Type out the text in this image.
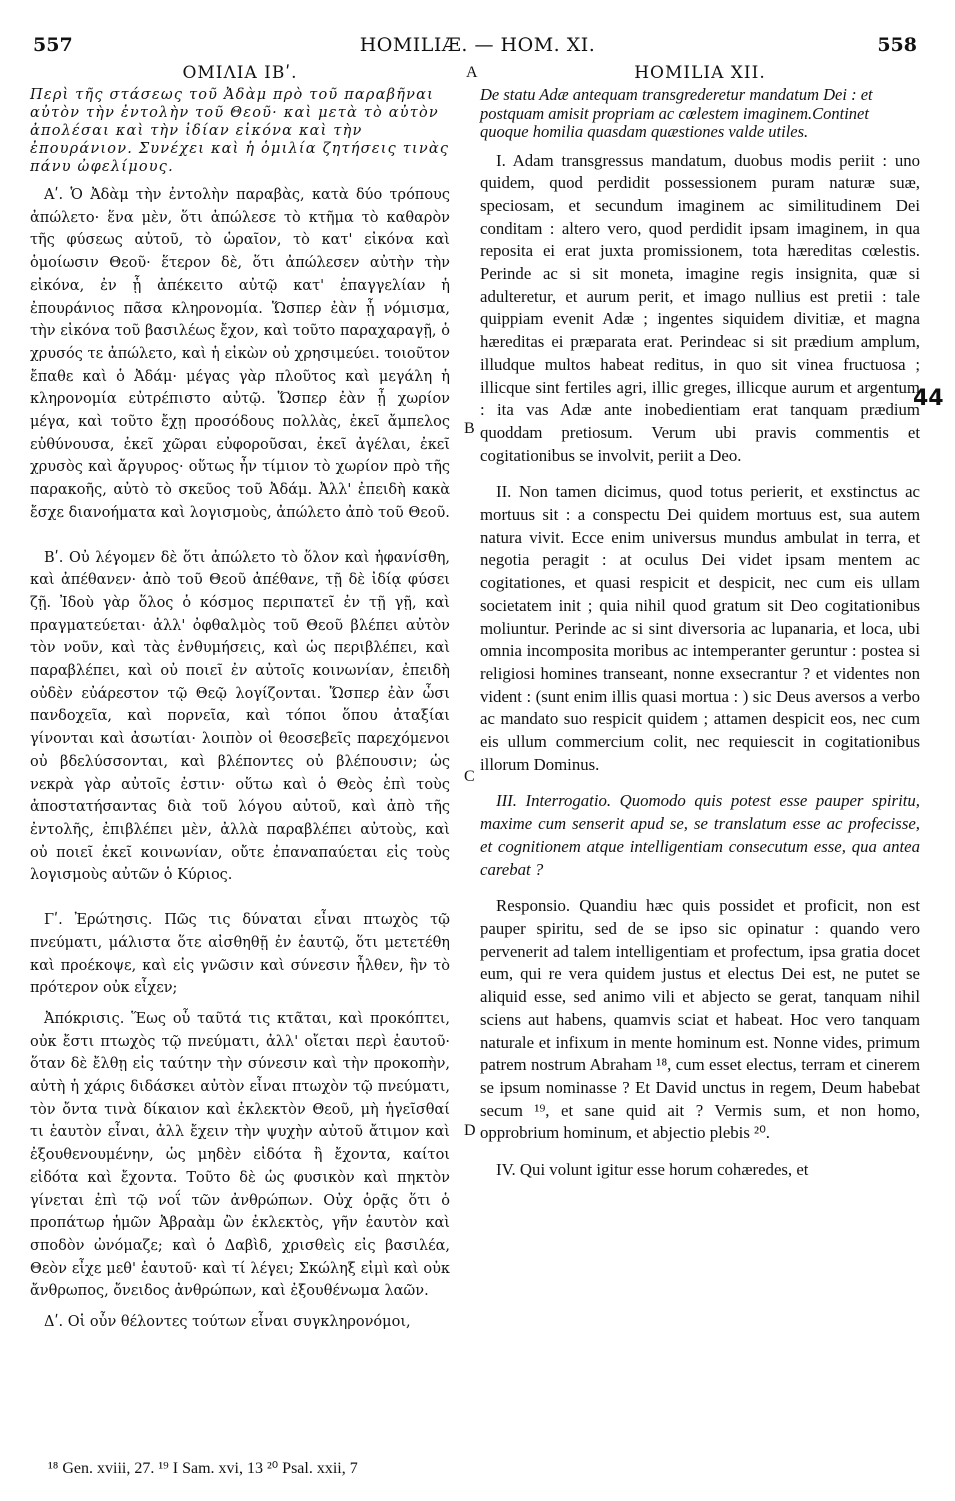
557	HOMILIÆ. — HOM. XI.	558
ΟΜΙΛΙΑ ΙΒʹ.
Περὶ τῆς στάσεως τοῦ Ἀδὰμ πρὸ τοῦ παραβῆναι αὐτὸν τὴν ἐντολὴν τοῦ Θεοῦ· καὶ μετὰ τὸ αὐτὸν ἀπολέσαι καὶ τὴν ἰδίαν εἰκόνα καὶ τὴν ἐπουράνιον. Συνέχει καὶ ἡ ὁμιλία ζητήσεις τινὰς πάνυ ὠφελίμους.

Αʹ. Ὁ Ἀδὰμ τὴν ἐντολὴν παραβὰς, κατὰ δύο τρόπους ἀπώλετο· ἕνα μὲν, ὅτι ἀπώλεσε τὸ κτῆμα τὸ καθαρὸν τῆς φύσεως αὐτοῦ, τὸ ὡραῖον, τὸ κατ' εἰκόνα καὶ ὁμοίωσιν Θεοῦ· ἕτερον δὲ, ὅτι ἀπώλεσεν αὐτὴν τὴν εἰκόνα, ἐν ᾗ ἀπέκειτο αὐτῷ κατ' ἐπαγγελίαν ἡ ἐπουράνιος πᾶσα κληρονομία. Ὥσπερ ἐὰν ᾖ νόμισμα, τὴν εἰκόνα τοῦ βασιλέως ἔχον, καὶ τοῦτο παραχαραγῇ, ὁ χρυσός τε ἀπώλετο, καὶ ἡ εἰκὼν οὐ χρησιμεύει. τοιοῦτον ἔπαθε καὶ ὁ Ἀδάμ· μέγας γὰρ πλοῦτος καὶ μεγάλη ἡ κληρονομία εὐτρέπιστο αὐτῷ. Ὥσπερ ἐὰν ᾖ χωρίον μέγα, καὶ τοῦτο ἔχῃ προσόδους πολλὰς, ἐκεῖ ἄμπελος εὐθύνουσα, ἐκεῖ χῶραι εὐφοροῦσαι, ἐκεῖ ἀγέλαι, ἐκεῖ χρυσὸς καὶ ἄργυρος· οὕτως ἦν τίμιον τὸ χωρίον πρὸ τῆς παρακοῆς, αὐτὸ τὸ σκεῦος τοῦ Ἀδάμ. Ἀλλ' ἐπειδὴ κακὰ ἔσχε διανοήματα καὶ λογισμοὺς, ἀπώλετο ἀπὸ τοῦ Θεοῦ.

Βʹ. Οὐ λέγομεν δὲ ὅτι ἀπώλετο τὸ ὅλον καὶ ἠφανίσθη, καὶ ἀπέθανεν· ἀπὸ τοῦ Θεοῦ ἀπέθανε, τῇ δὲ ἰδίᾳ φύσει ζῇ. Ἰδοὺ γὰρ ὅλος ὁ κόσμος περιπατεῖ ἐν τῇ γῇ, καὶ πραγματεύεται· ἀλλ' ὀφθαλμὸς τοῦ Θεοῦ βλέπει αὐτὸν τὸν νοῦν, καὶ τὰς ἐνθυμήσεις, καὶ ὡς περιβλέπει, καὶ παραβλέπει, καὶ οὐ ποιεῖ ἐν αὐτοῖς κοινωνίαν, ἐπειδὴ οὐδὲν εὐάρεστον τῷ Θεῷ λογίζονται. Ὥσπερ ἐὰν ὦσι πανδοχεῖα, καὶ πορνεῖα, καὶ τόποι ὅπου ἀταξίαι γίνονται καὶ ἀσωτίαι· λοιπὸν οἱ θεοσεβεῖς παρεχόμενοι οὐ βδελύσσονται, καὶ βλέποντες οὐ βλέπουσιν; ὡς νεκρὰ γὰρ αὐτοῖς ἐστιν· οὕτω καὶ ὁ Θεὸς ἐπὶ τοὺς ἀποστατήσαντας διὰ τοῦ λόγου αὐτοῦ, καὶ ἀπὸ τῆς ἐντολῆς, ἐπιβλέπει μὲν, ἀλλὰ παραβλέπει αὐτοὺς, καὶ οὐ ποιεῖ ἐκεῖ κοινωνίαν, οὔτε ἐπαναπαύεται εἰς τοὺς λογισμοὺς αὐτῶν ὁ Κύριος.

Γʹ. Ἐρώτησις. Πῶς τις δύναται εἶναι πτωχὸς τῷ πνεύματι, μάλιστα ὅτε αἰσθηθῇ ἐν ἑαυτῷ, ὅτι μετετέθη καὶ προέκοψε, καὶ εἰς γνῶσιν καὶ σύνεσιν ἦλθεν, ἣν τὸ πρότερον οὐκ εἶχεν;

Ἀπόκρισις. Ἕως οὗ ταῦτά τις κτᾶται, καὶ προκόπτει, οὐκ ἔστι πτωχὸς τῷ πνεύματι, ἀλλ' οἴεται περὶ ἑαυτοῦ· ὅταν δὲ ἔλθῃ εἰς ταύτην τὴν σύνεσιν καὶ τὴν προκοπὴν, αὐτὴ ἡ χάρις διδάσκει αὐτὸν εἶναι πτωχὸν τῷ πνεύματι, τὸν ὄντα τινὰ δίκαιον καὶ ἐκλεκτὸν Θεοῦ, μὴ ἡγεῖσθαί τι ἑαυτὸν εἶναι, ἀλλ ἔχειν τὴν ψυχὴν αὐτοῦ ἄτιμον καὶ ἐξουθενουμένην, ὡς μηδὲν εἰδότα ἢ ἔχοντα, καίτοι εἰδότα καὶ ἔχοντα. Τοῦτο δὲ ὡς φυσικὸν καὶ πηκτὸν γίνεται ἐπὶ τῷ νοΐ τῶν ἀνθρώπων. Οὐχ ὁρᾷς ὅτι ὁ προπάτωρ ἡμῶν Ἀβραὰμ ὢν ἐκλεκτὸς, γῆν ἑαυτὸν καὶ σποδὸν ὠνόμαζε; καὶ ὁ Δαβὶδ, χρισθεὶς εἰς βασιλέα, Θεὸν εἶχε μεθ' ἑαυτοῦ· καὶ τί λέγει; Σκώληξ εἰμὶ καὶ οὐκ ἄνθρωπος, ὄνειδος ἀνθρώπων, καὶ ἐξουθένωμα λαῶν.

Δʹ. Οἱ οὖν θέλοντες τούτων εἶναι συγκληρονόμοι,

HOMILIA XII.
De statu Adæ antequam transgrederetur mandatum Dei : et postquam amisit propriam ac cœlestem imaginem.Continet quoque homilia quasdam quæstiones valde utiles.

I. Adam transgressus mandatum, duobus modis periit : uno quidem, quod perdidit possessionem puram naturæ suæ, speciosam, et secundum imaginem ac similitudinem Dei conditam : altero vero, quod perdidit ipsam imaginem, in qua reposita ei erat juxta promissionem, tota hæreditas cœlestis. Perinde ac si sit moneta, imagine regis insignita, quæ si adulteretur, et aurum perit, et imago nullius est pretii : tale quippiam evenit Adæ ; ingentes siquidem divitiæ, et magna hæreditas ei præparata erat. Perindeac si sit prædium amplum, illudque multos habeat reditus, in quo sit vinea fructuosa ; illicque sint fertiles agri, illic greges, illicque aurum et argentum : ita vas Adæ ante inobedientiam erat tanquam prædium quoddam pretiosum. Verum ubi pravis commentis et cogitationibus se involvit, periit a Deo.

II. Non tamen dicimus, quod totus perierit, et exstinctus ac mortuus sit : a conspectu Dei quidem mortuus est, sua autem natura vivit. Ecce enim universus mundus ambulat in terra, et negotia peragit : at oculus Dei videt ipsam mentem ac cogitationes, et quasi respicit et despicit, nec cum eis ullam societatem init ; quia nihil quod gratum sit Deo cogitationibus moliuntur. Perinde ac si sint diversoria ac lupanaria, et loca, ubi omnia incomposita moribus ac intemperanter geruntur : postea si religiosi homines transeant, nonne exsecrantur ? et videntes non vident : (sunt enim illis quasi mortua : ) sic Deus aversos a verbo ac mandato suo respicit quidem ; attamen despicit eos, nec cum eis ullum commercium colit, nec requiescit in cogitationibus illorum Dominus.

III. Interrogatio. Quomodo quis potest esse pauper spiritu, maxime cum senserit apud se, se translatum esse ac profecisse, et cognitionem atque intelligentiam consecutum esse, qua antea carebat ?

Responsio. Quandiu hæc quis possidet et proficit, non est pauper spiritu, sed de se ipso sic opinatur : quando vero pervenerit ad talem intelligentiam et profectum, ipsa gratia docet eum, qui re vera quidem justus et electus Dei est, ne putet se aliquid esse, sed animo vili et abjecto se gerat, tanquam nihil sciens aut habens, quamvis sciat et habeat. Hoc vero tanquam naturale et infixum in mente hominum est. Nonne vides, primum patrem nostrum Abraham ¹⁸, cum esset electus, terram et cinerem se ipsum nominasse ? Et David unctus in regem, Deum habebat secum ¹⁹, et sane quid ait ? Vermis sum, et non homo, opprobrium hominum, et abjectio plebis ²⁰.

IV. Qui volunt igitur esse horum cohæredes, et

A
B
C
D
44
¹⁸ Gen. xviii, 27. ¹⁹ I Sam. xvi, 13 ²⁰ Psal. xxii, 7
